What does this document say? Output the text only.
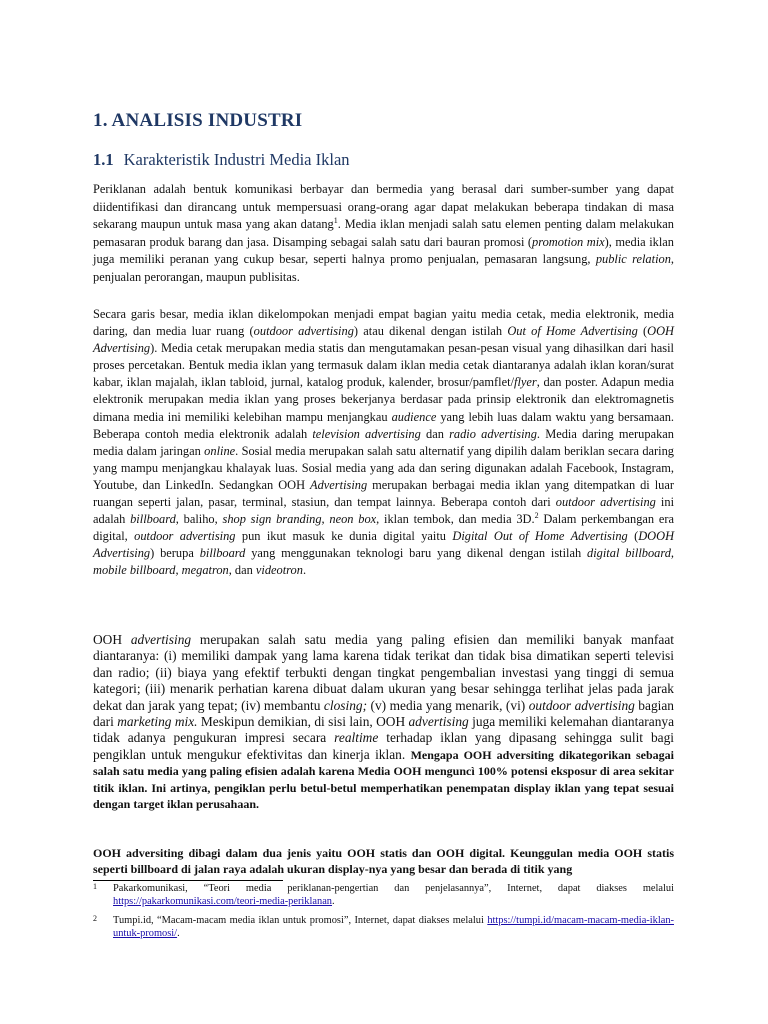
1. ANALISIS INDUSTRI
1.1 Karakteristik Industri Media Iklan

Periklanan adalah bentuk komunikasi berbayar dan bermedia yang berasal dari sumber-sumber yang dapat diidentifikasi dan dirancang untuk mempersuasi orang-orang agar dapat melakukan beberapa tindakan di masa sekarang maupun untuk masa yang akan datang$^1$. Media iklan menjadi salah satu elemen penting dalam melakukan pemasaran produk barang dan jasa. Disamping sebagai salah satu dari bauran promosi (promotion mix), media iklan juga memiliki peranan yang cukup besar, seperti halnya promo penjualan, pemasaran langsung, public relation, penjualan perorangan, maupun publisitas.

Secara garis besar, media iklan dikelompokan menjadi empat bagian yaitu media cetak, media elektronik, media daring, dan media luar ruang (outdoor advertising) atau dikenal dengan istilah Out of Home Advertising (OOH Advertising). Media cetak merupakan media statis dan mengutamakan pesan-pesan visual yang dihasilkan dari hasil proses percetakan. Bentuk media iklan yang termasuk dalam iklan media cetak diantaranya adalah iklan koran/surat kabar, iklan majalah, iklan tabloid, jurnal, katalog produk, kalender, brosur/pamflet/flyer, dan poster. Adapun media elektronik merupakan media iklan yang proses bekerjanya berdasar pada prinsip elektronik dan elektromagnetis dimana media ini memiliki kelebihan mampu menjangkau audience yang lebih luas dalam waktu yang bersamaan. Beberapa contoh media elektronik adalah television advertising dan radio advertising. Media daring merupakan media dalam jaringan online. Sosial media merupakan salah satu alternatif yang dipilih dalam beriklan secara daring yang mampu menjangkau khalayak luas. Sosial media yang ada dan sering digunakan adalah Facebook, Instagram, Youtube, dan LinkedIn. Sedangkan OOH Advertising merupakan berbagai media iklan yang ditempatkan di luar ruangan seperti jalan, pasar, terminal, stasiun, dan tempat lainnya. Beberapa contoh dari outdoor advertising ini adalah billboard, baliho, shop sign branding, neon box, iklan tembok, dan media 3D.$^2$ Dalam perkembangan era digital, outdoor advertising pun ikut masuk ke dunia digital yaitu Digital Out of Home Advertising (DOOH Advertising) berupa billboard yang menggunakan teknologi baru yang dikenal dengan istilah digital billboard, mobile billboard, megatron, dan videotron.

OOH advertising merupakan salah satu media yang paling efisien dan memiliki banyak manfaat diantaranya: (i) memiliki dampak yang lama karena tidak terikat dan tidak bisa dimatikan seperti televisi dan radio; (ii) biaya yang efektif terbukti dengan tingkat pengembalian investasi yang tinggi di semua kategori; (iii) menarik perhatian karena dibuat dalam ukuran yang besar sehingga terlihat jelas pada jarak dekat dan jarak yang tepat; (iv) membantu closing; (v) media yang menarik, (vi) outdoor advertising bagian dari marketing mix. Meskipun demikian, di sisi lain, OOH advertising juga memiliki kelemahan diantaranya tidak adanya pengukuran impresi secara realtime terhadap iklan yang dipasang sehingga sulit bagi pengiklan untuk mengukur efektivitas dan kinerja iklan. Mengapa OOH adversiting dikategorikan sebagai salah satu media yang paling efisien adalah karena Media OOH menguncì 100% potensi eksposur di area sekitar titik iklan. Ini artinya, pengiklan perlu betul-betul memperhatikan penempatan display iklan yang tepat sesuai dengan target iklan perusahaan.

OOH adversiting dibagi dalam dua jenis yaitu OOH statis dan OOH digital. Keunggulan media OOH statis seperti billboard di jalan raya adalah ukuran display-nya yang besar dan berada di titik yang

1 Pakarkomunikasi, “Teori media periklanan-pengertian dan penjelasannya”, Internet, dapat diakses melalui https://pakarkomunikasi.com/teori-media-periklanan.

2 Tumpi.id, “Macam-macam media iklan untuk promosi”, Internet, dapat diakses melalui https://tumpi.id/macam-macam-media-iklan-untuk-promosi/.
